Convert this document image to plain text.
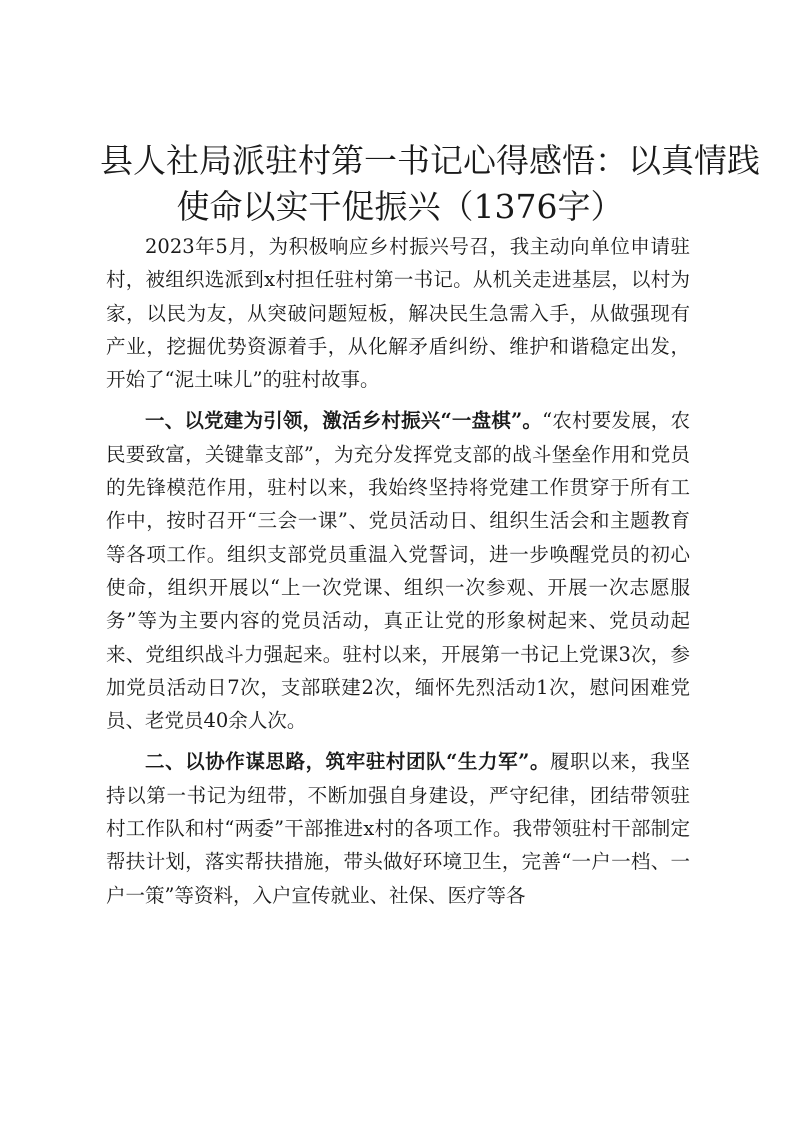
县人社局派驻村第一书记心得感悟：以真情践
使命以实干促振兴（1376字）

2023年5月，为积极响应乡村振兴号召，我主动向单位申请驻村，被组织选派到x村担任驻村第一书记。从机关走进基层，以村为家，以民为友，从突破问题短板，解决民生急需入手，从做强现有产业，挖掘优势资源着手，从化解矛盾纠纷、维护和谐稳定出发，开始了“泥土味儿”的驻村故事。

一、以党建为引领，激活乡村振兴“一盘棋”。“农村要发展，农民要致富，关键靠支部”，为充分发挥党支部的战斗堡垒作用和党员的先锋模范作用，驻村以来，我始终坚持将党建工作贯穿于所有工作中，按时召开“三会一课”、党员活动日、组织生活会和主题教育等各项工作。组织支部党员重温入党誓词，进一步唤醒党员的初心使命，组织开展以“上一次党课、组织一次参观、开展一次志愿服务”等为主要内容的党员活动，真正让党的形象树起来、党员动起来、党组织战斗力强起来。驻村以来，开展第一书记上党课3次，参加党员活动日7次，支部联建2次，缅怀先烈活动1次，慰问困难党员、老党员40余人次。

二、以协作谋思路，筑牢驻村团队“生力军”。履职以来，我坚持以第一书记为纽带，不断加强自身建设，严守纪律，团结带领驻村工作队和村“两委”干部推进x村的各项工作。我带领驻村干部制定帮扶计划，落实帮扶措施，带头做好环境卫生，完善“一户一档、一户一策”等资料，入户宣传就业、社保、医疗等各
